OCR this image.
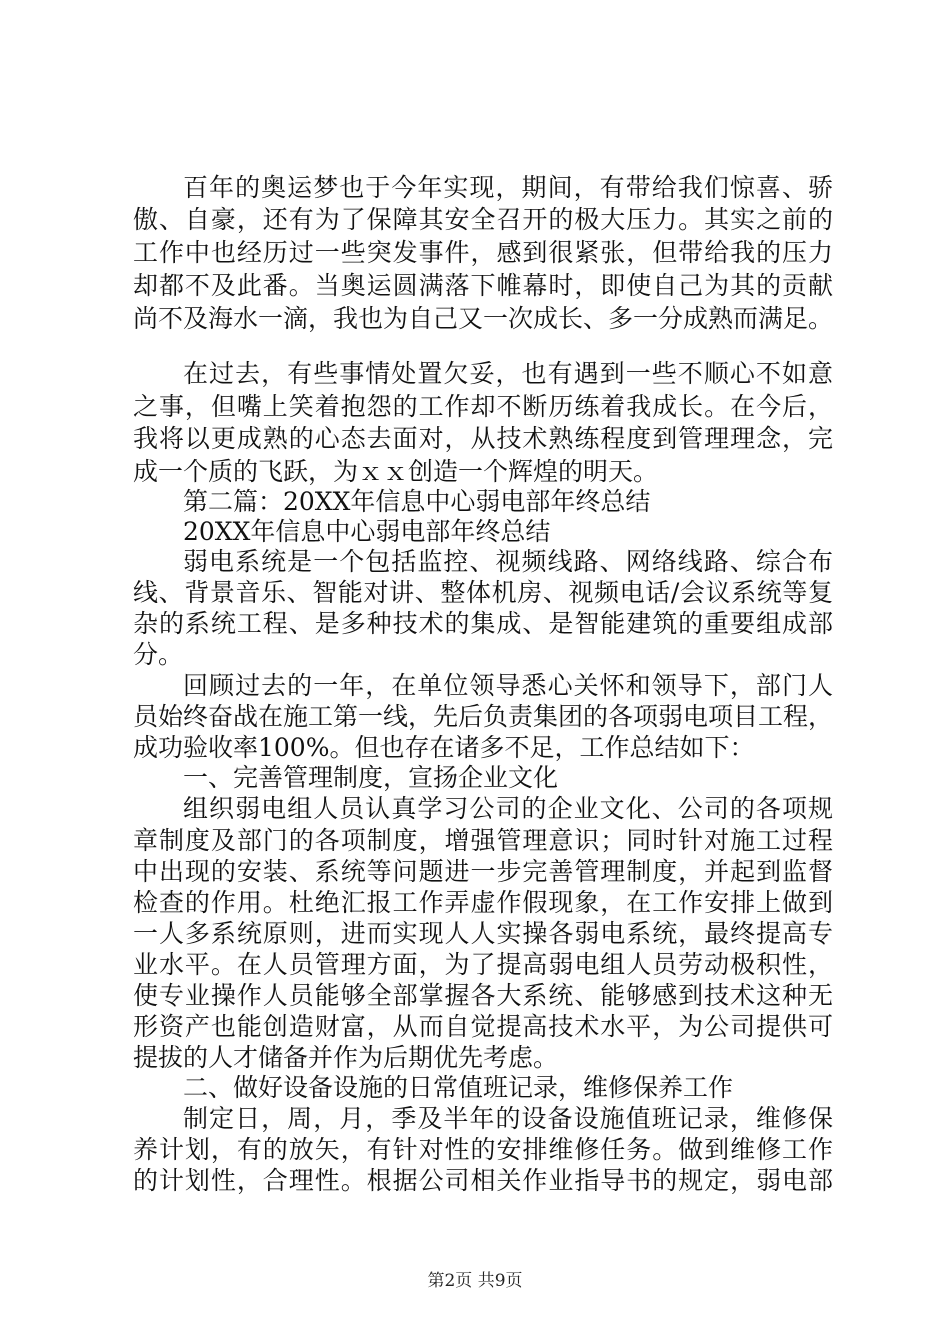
百年的奥运梦也于今年实现，期间，有带给我们惊喜、骄
傲、自豪，还有为了保障其安全召开的极大压力。其实之前的
工作中也经历过一些突发事件，感到很紧张，但带给我的压力
却都不及此番。当奥运圆满落下帷幕时，即使自己为其的贡献
尚不及海水一滴，我也为自己又一次成长、多一分成熟而满足。
在过去，有些事情处置欠妥，也有遇到一些不顺心不如意
之事，但嘴上笑着抱怨的工作却不断历练着我成长。在今后，
我将以更成熟的心态去面对，从技术熟练程度到管理理念，完
成一个质的飞跃，为ｘｘ创造一个辉煌的明天。
第二篇：20XX年信息中心弱电部年终总结
20XX年信息中心弱电部年终总结
弱电系统是一个包括监控、视频线路、网络线路、综合布
线、背景音乐、智能对讲、整体机房、视频电话/会议系统等复
杂的系统工程、是多种技术的集成、是智能建筑的重要组成部
分。
回顾过去的一年，在单位领导悉心关怀和领导下，部门人
员始终奋战在施工第一线，先后负责集团的各项弱电项目工程，
成功验收率100%。但也存在诸多不足，工作总结如下：
一、完善管理制度，宣扬企业文化
组织弱电组人员认真学习公司的企业文化、公司的各项规
章制度及部门的各项制度，增强管理意识；同时针对施工过程
中出现的安装、系统等问题进一步完善管理制度，并起到监督
检查的作用。杜绝汇报工作弄虚作假现象，在工作安排上做到
一人多系统原则，进而实现人人实操各弱电系统，最终提高专
业水平。在人员管理方面，为了提高弱电组人员劳动极积性，
使专业操作人员能够全部掌握各大系统、能够感到技术这种无
形资产也能创造财富，从而自觉提高技术水平，为公司提供可
提拔的人才储备并作为后期优先考虑。
二、做好设备设施的日常值班记录，维修保养工作
制定日，周，月，季及半年的设备设施值班记录，维修保
养计划，有的放矢，有针对性的安排维修任务。做到维修工作
的计划性，合理性。根据公司相关作业指导书的规定，弱电部
第2页 共9页
